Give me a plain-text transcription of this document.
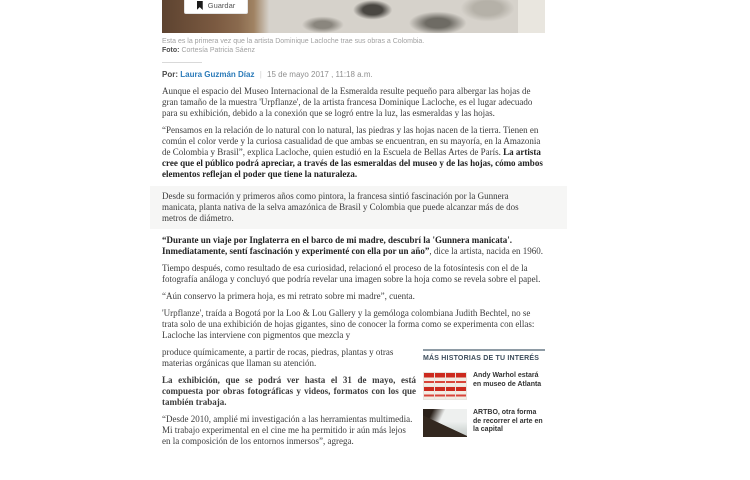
Guardar
Esta es la primera vez que la artista Dominique Lacloche trae sus obras a Colombia.
Foto: Cortesía Patricia Sáenz
Por: Laura Guzmán Díaz | 15 de mayo 2017 , 11:18 a.m.

Aunque el espacio del Museo Internacional de la Esmeralda resulte pequeño para albergar las hojas de gran tamaño de la muestra 'Urpflanze', de la artista francesa Dominique Lacloche, es el lugar adecuado para su exhibición, debido a la conexión que se logró entre la luz, las esmeraldas y las hojas.

“Pensamos en la relación de lo natural con lo natural, las piedras y las hojas nacen de la tierra. Tienen en común el color verde y la curiosa casualidad de que ambas se encuentran, en su mayoría, en la Amazonia de Colombia y Brasil”, explica Lacloche, quien estudió en la Escuela de Bellas Artes de París. La artista cree que el público podrá apreciar, a través de las esmeraldas del museo y de las hojas, cómo ambos elementos reflejan el poder que tiene la naturaleza.

Desde su formación y primeros años como pintora, la francesa sintió fascinación por la Gunnera manicata, planta nativa de la selva amazónica de Brasil y Colombia que puede alcanzar más de dos metros de diámetro.

“Durante un viaje por Inglaterra en el barco de mi madre, descubrí la 'Gunnera manicata'. Inmediatamente, sentí fascinación y experimenté con ella por un año”, dice la artista, nacida en 1960.

Tiempo después, como resultado de esa curiosidad, relacionó el proceso de la fotosíntesis con el de la fotografía análoga y concluyó que podría revelar una imagen sobre la hoja como se revela sobre el papel.

“Aún conservo la primera hoja, es mi retrato sobre mi madre”, cuenta.

'Urpflanze', traída a Bogotá por la Loo & Lou Gallery y la gemóloga colombiana Judith Bechtel, no se trata solo de una exhibición de hojas gigantes, sino de conocer la forma como se experimenta con ellas: Lacloche las interviene con pigmentos que mezcla y

produce químicamente, a partir de rocas, piedras, plantas y otras materias orgánicas que llaman su atención.

La exhibición, que se podrá ver hasta el 31 de mayo, está compuesta por obras fotográficas y videos, formatos con los que también trabaja.

“Desde 2010, amplié mi investigación a las herramientas multimedia. Mi trabajo experimental en el cine me ha permitido ir aún más lejos en la composición de los entornos inmersos”, agrega.

MÁS HISTORIAS DE TU INTERÉS
Andy Warhol estará en museo de Atlanta
ARTBO, otra forma de recorrer el arte en la capital
